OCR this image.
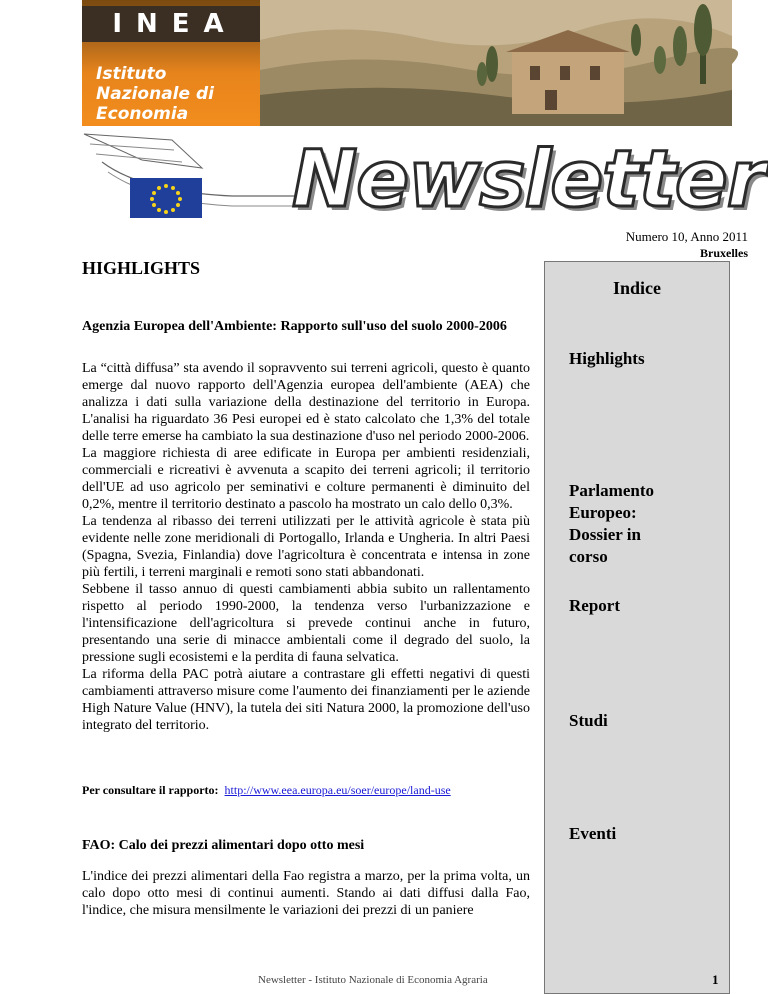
INEA
Istituto Nazionale di Economia Agraria
Newsletter
Numero 10, Anno 2011
Bruxelles
HIGHLIGHTS
Indice
Highlights
Parlamento Europeo: Dossier in corso
Report
Studi
Eventi
Agenzia Europea dell'Ambiente: Rapporto sull'uso del suolo 2000-2006

La “città diffusa” sta avendo il sopravvento sui terreni agricoli, questo è quanto emerge dal nuovo rapporto dell'Agenzia europea dell'ambiente (AEA) che analizza i dati sulla variazione della destinazione del territorio in Europa. L'analisi ha riguardato 36 Pesi europei ed è stato calcolato che 1,3% del totale delle terre emerse ha cambiato la sua destinazione d'uso nel periodo 2000-2006.

La maggiore richiesta di aree edificate in Europa per ambienti residenziali, commerciali e ricreativi è avvenuta a scapito dei terreni agricoli; il territorio dell'UE ad uso agricolo per seminativi e colture permanenti è diminuito del 0,2%, mentre il territorio destinato a pascolo ha mostrato un calo dello 0,3%.

La tendenza al ribasso dei terreni utilizzati per le attività agricole è stata più evidente nelle zone meridionali di Portogallo, Irlanda e Ungheria. In altri Paesi (Spagna, Svezia, Finlandia) dove l'agricoltura è concentrata e intensa in zone più fertili, i terreni marginali e remoti sono stati abbandonati.

Sebbene il tasso annuo di questi cambiamenti abbia subito un rallentamento rispetto al periodo 1990-2000, la tendenza verso l'urbanizzazione e l'intensificazione dell'agricoltura si prevede continui anche in futuro, presentando una serie di minacce ambientali come il degrado del suolo, la pressione sugli ecosistemi e la perdita di fauna selvatica.

La riforma della PAC potrà aiutare a contrastare gli effetti negativi di questi cambiamenti attraverso misure come l'aumento dei finanziamenti per le aziende High Nature Value (HNV), la tutela dei siti Natura 2000, la promozione dell'uso integrato del territorio.

Per consultare il rapporto: http://www.eea.europa.eu/soer/europe/land-use
FAO: Calo dei prezzi alimentari dopo otto mesi

L'indice dei prezzi alimentari della Fao registra a marzo, per la prima volta, un calo dopo otto mesi di continui aumenti. Stando ai dati diffusi dalla Fao, l'indice, che misura mensilmente le variazioni dei prezzi di un paniere

Newsletter - Istituto Nazionale di Economia Agraria	1
